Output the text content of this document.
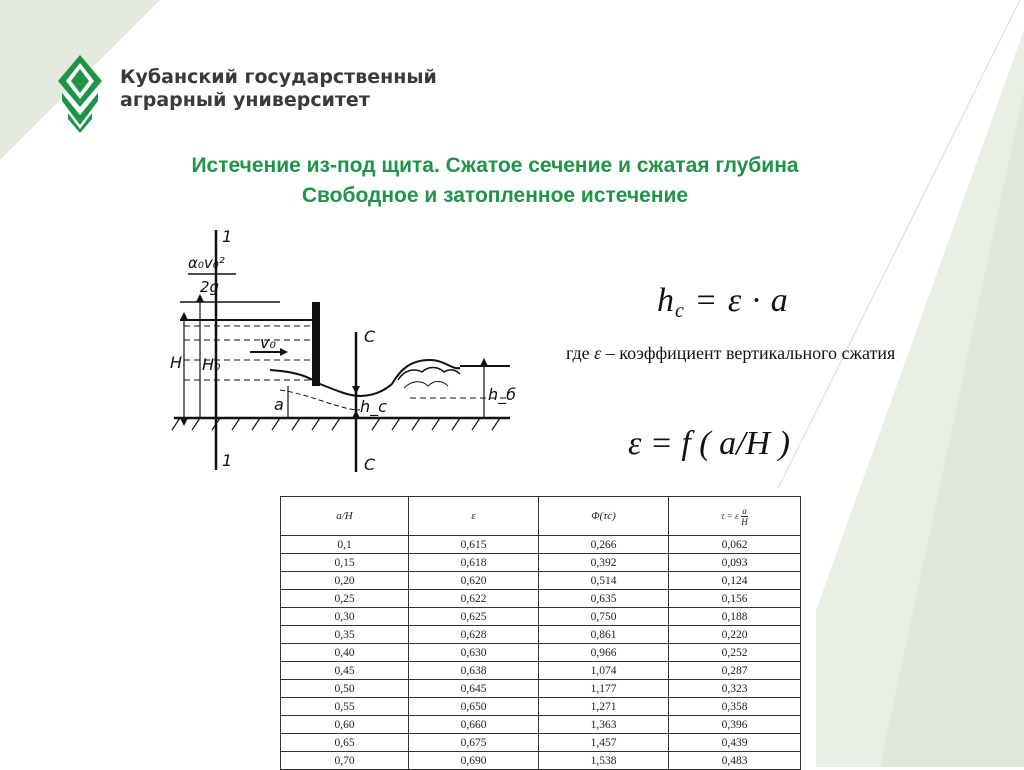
Кубанский государственный
аграрный университет
Истечение из-под щита. Сжатое сечение и сжатая глубина
Свободное и затопленное истечение
1
1
α₀v₀²
2g
H H₀
v₀
a	h_c
h_б
C
C
$h_c = \varepsilon \cdot a$
где ε – коэффициент вертикального сжатия
ε = f ( a/H )
a/H	ε	Φ(τc)	τ = ε $\frac{a}{H}$

0,1	0,615	0,266	0,062
0,15	0,618	0,392	0,093
0,20	0,620	0,514	0,124
0,25	0,622	0,635	0,156
0,30	0,625	0,750	0,188
0,35	0,628	0,861	0,220
0,40	0,630	0,966	0,252
0,45	0,638	1,074	0,287
0,50	0,645	1,177	0,323
0,55	0,650	1,271	0,358
0,60	0,660	1,363	0,396
0,65	0,675	1,457	0,439
0,70	0,690	1,538	0,483
